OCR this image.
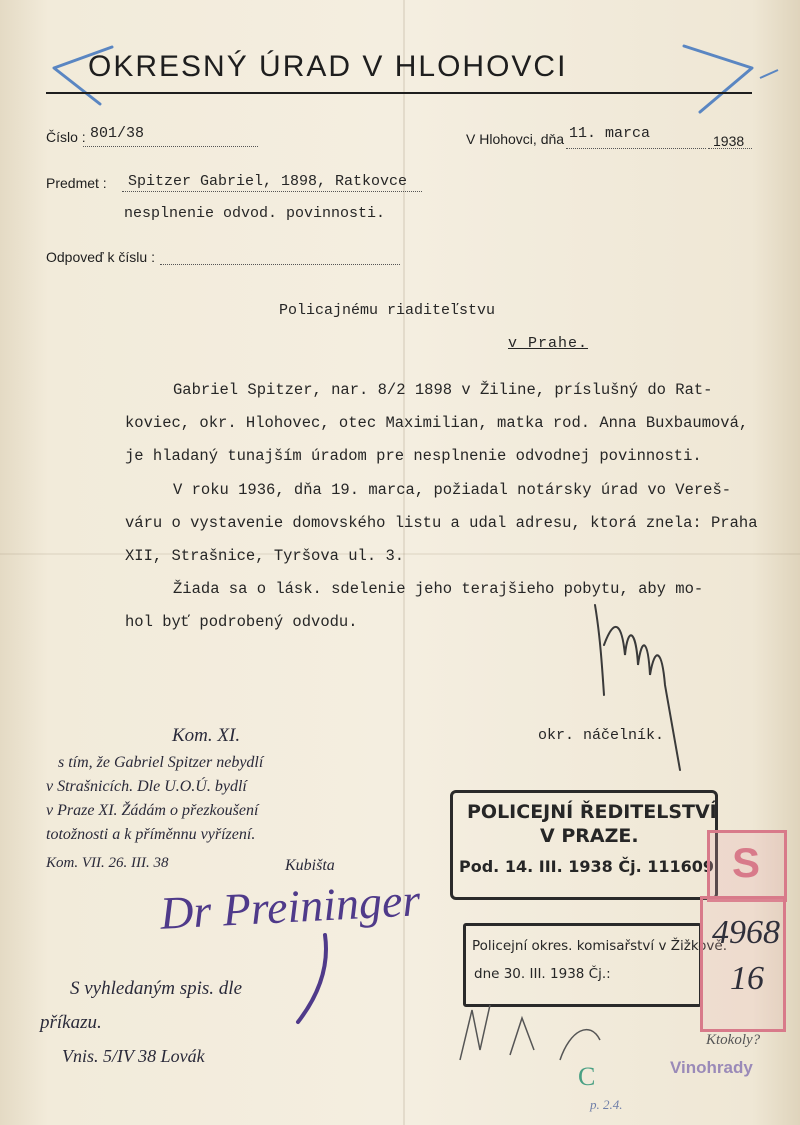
OKRESNÝ ÚRAD V HLOHOVCI
Číslo : 801/38	V Hlohovci, dňa 11. marca	1938
Predmet : Spitzer Gabriel, 1898, Ratkovce
nesplnenie odvod. povinnosti.
Odpoveď k číslu :
Policajnému riaditeľstvu
v Prahe.
Gabriel Spitzer, nar. 8/2 1898 v Žiline, príslušný do Rat-
koviec, okr. Hlohovec, otec Maximilian, matka rod. Anna Buxbaumová,
je hladaný tunajším úradom pre nesplnenie odvodnej povinnosti.
V roku 1936, dňa 19. marca, požiadal notársky úrad vo Vereš-
váru o vystavenie domovského listu a udal adresu, ktorá znela: Praha
XII, Strašnice, Tyršova ul. 3.
Žiada sa o lásk. sdelenie jeho terajšieho pobytu, aby mo-
hol byť podrobený odvodu.
okr. náčelník.
Kom. XI.
s tím, že Gabriel Spitzer nebydlí
v Strašnicích. Dle U.O.Ú. bydlí
v Praze XI. Žádám o přezkoušení
totožnosti a k příměnnu vyřízení.
Kom. VII. 26. III. 38	Kubišta
Dr Preininger
S vyhledaným spis. dle
příkazu.
Vnis. 5/IV 38 Lovák
POLICEJNÍ ŘEDITELSTVÍ
V PRAZE.
Pod. 14. III. 1938 Čj. 111609
Policejní okres. komisařství v Žižkově.
dne 30. III. 1938 Čj.:
S
4968
16
Ktokoly?
Vinohrady
C
p. 2.4.
